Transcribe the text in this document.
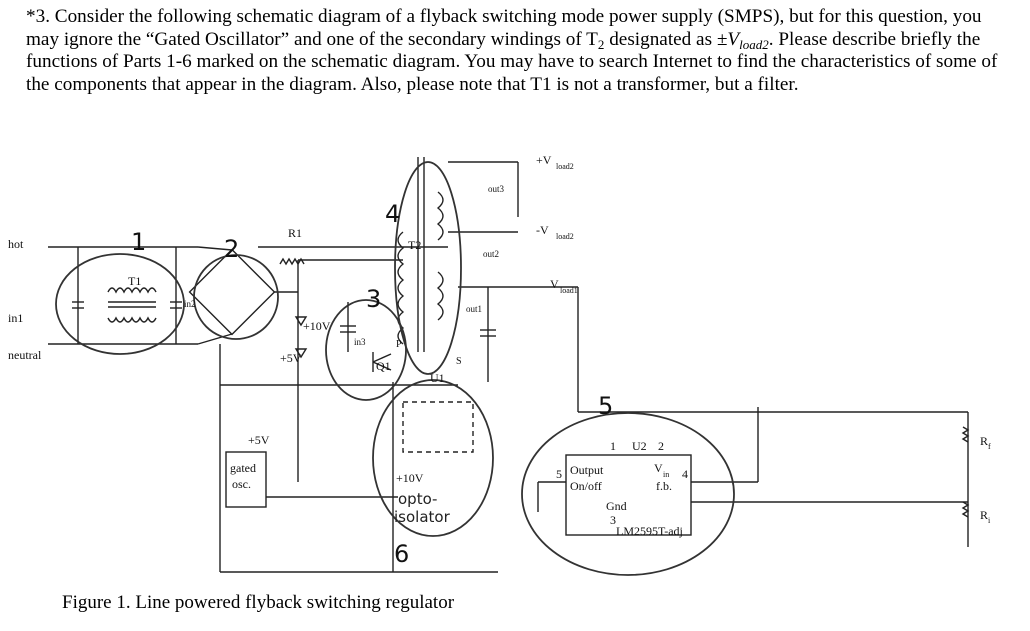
*3. Consider the following schematic diagram of a flyback switching mode power supply (SMPS), but for this question, you may ignore the “Gated Oscillator” and one of the secondary windings of $T_2$ designated as $\pm V_{load2}$. Please describe briefly the functions of Parts 1-6 marked on the schematic diagram. You may have to search Internet to find the characteristics of some of the components that appear in the diagram. Also, please note that T1 is not a transformer, but a filter.

1	2
3
4
5
6
hot
neutral
T1
in1
in2
R1
T2
+10V
+5V
in3
Q1
P
S
U1
out3
out2
out1
+V load2
-V load2
V load1
+5V
gated
osc.	+10V
1 U2 2
5	4
3
Output
On/off
V in
f.b.
Gnd
LM2595T-adj
R f
R i
opto-
isolator

Figure 1. Line powered flyback switching regulator
